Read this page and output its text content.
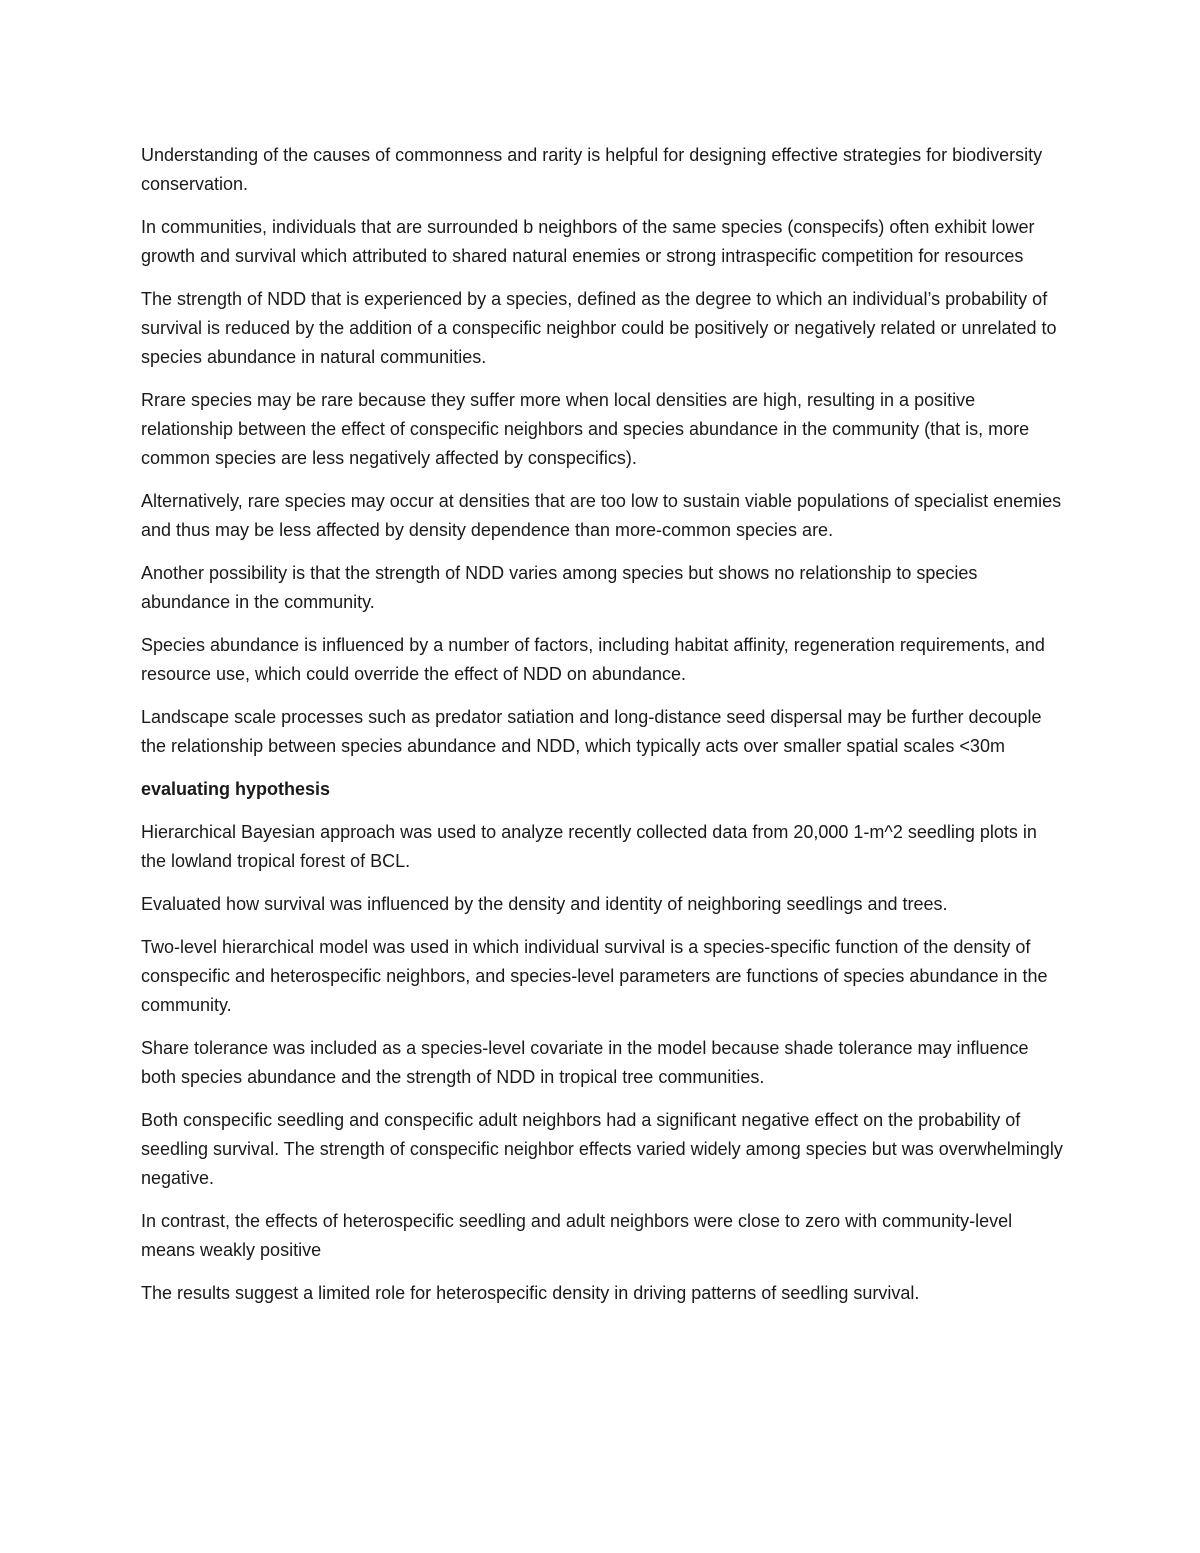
Understanding of the causes of commonness and rarity is helpful for designing effective strategies for biodiversity conservation.

In communities, individuals that are surrounded b neighbors of the same species (conspecifs) often exhibit lower growth and survival which attributed to shared natural enemies or strong intraspecific competition for resources

The strength of NDD that is experienced by a species, defined as the degree to which an individual’s probability of survival is reduced by the addition of a conspecific neighbor could be positively or negatively related or unrelated to species abundance in natural communities.

Rrare species may be rare because they suffer more when local densities are high, resulting in a positive relationship between the effect of conspecific neighbors and species abundance in the community (that is, more common species are less negatively affected by conspecifics).

Alternatively, rare species may occur at densities that are too low to sustain viable populations of specialist enemies and thus may be less affected by density dependence than more-common species are.

Another possibility is that the strength of NDD varies among species but shows no relationship to species abundance in the community.

Species abundance is influenced by a number of factors, including habitat affinity, regeneration requirements, and resource use, which could override the effect of NDD on abundance.

Landscape scale processes such as predator satiation and long-distance seed dispersal may be further decouple the relationship between species abundance and NDD, which typically acts over smaller spatial scales <30m

evaluating hypothesis

Hierarchical Bayesian approach was used to analyze recently collected data from 20,000 1-m^2 seedling plots in the lowland tropical forest of BCL.

Evaluated how survival was influenced by the density and identity of neighboring seedlings and trees.

Two-level hierarchical model was used in which individual survival is a species-specific function of the density of conspecific and heterospecific neighbors, and species-level parameters are functions of species abundance in the community.

Share tolerance was included as a species-level covariate in the model because shade tolerance may influence both species abundance and the strength of NDD in tropical tree communities.

Both conspecific seedling and conspecific adult neighbors had a significant negative effect on the probability of seedling survival. The strength of conspecific neighbor effects varied widely among species but was overwhelmingly negative.

In contrast, the effects of heterospecific seedling and adult neighbors were close to zero with community-level means weakly positive

The results suggest a limited role for heterospecific density in driving patterns of seedling survival.
